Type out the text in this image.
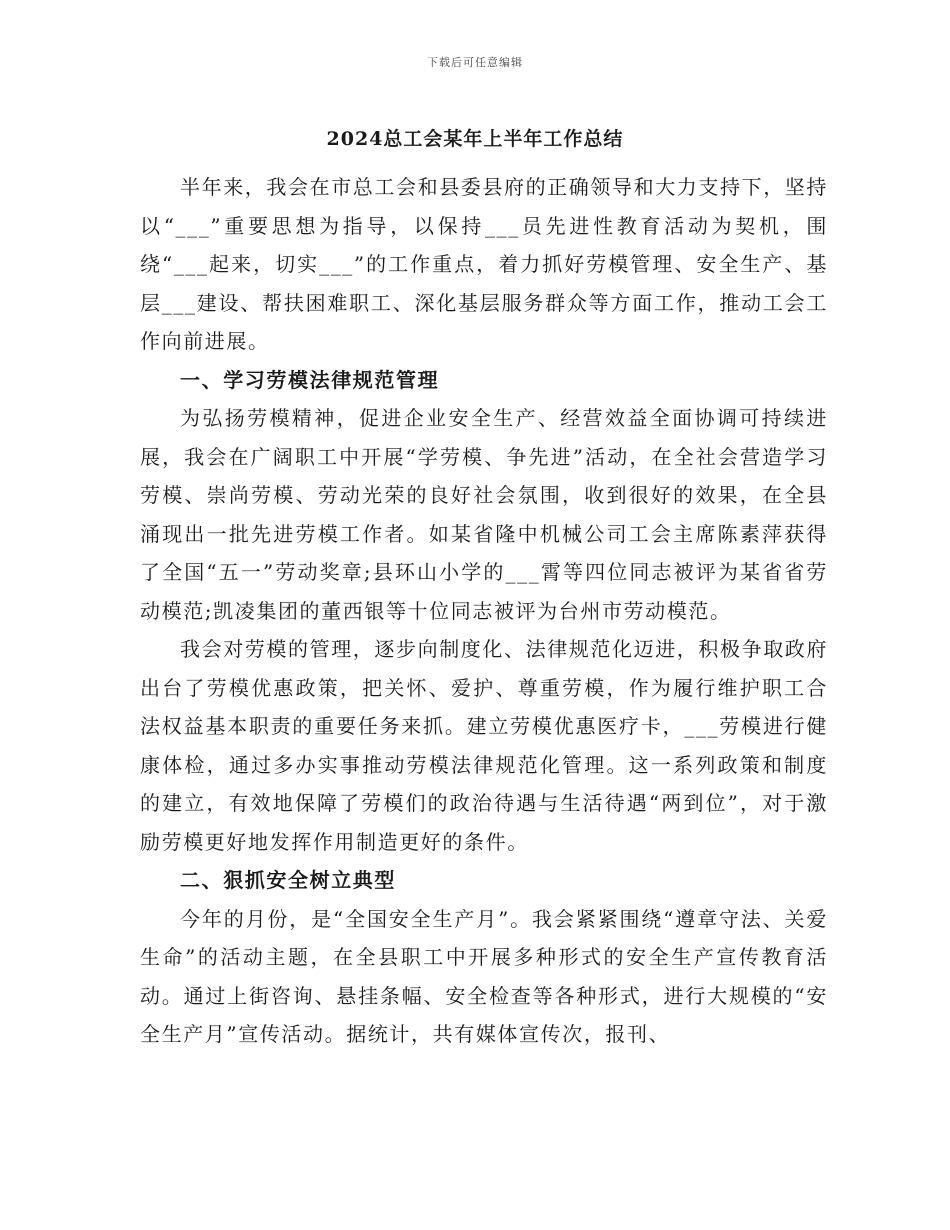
下载后可任意编辑
2024总工会某年上半年工作总结

半年来，我会在市总工会和县委县府的正确领导和大力支持下，坚持以“___”重要思想为指导，以保持___员先进性教育活动为契机，围绕“___起来，切实___”的工作重点，着力抓好劳模管理、安全生产、基层___建设、帮扶困难职工、深化基层服务群众等方面工作，推动工会工作向前进展。

一、学习劳模法律规范管理

为弘扬劳模精神，促进企业安全生产、经营效益全面协调可持续进展，我会在广阔职工中开展“学劳模、争先进”活动，在全社会营造学习劳模、崇尚劳模、劳动光荣的良好社会氛围，收到很好的效果，在全县涌现出一批先进劳模工作者。如某省隆中机械公司工会主席陈素萍获得了全国“五一”劳动奖章;县环山小学的___霄等四位同志被评为某省省劳动模范;凯凌集团的董西银等十位同志被评为台州市劳动模范。

我会对劳模的管理，逐步向制度化、法律规范化迈进，积极争取政府出台了劳模优惠政策，把关怀、爱护、尊重劳模，作为履行维护职工合法权益基本职责的重要任务来抓。建立劳模优惠医疗卡，___劳模进行健康体检，通过多办实事推动劳模法律规范化管理。这一系列政策和制度的建立，有效地保障了劳模们的政治待遇与生活待遇“两到位”，对于激励劳模更好地发挥作用制造更好的条件。

二、狠抓安全树立典型

今年的月份，是“全国安全生产月”。我会紧紧围绕“遵章守法、关爱生命”的活动主题，在全县职工中开展多种形式的安全生产宣传教育活动。通过上街咨询、悬挂条幅、安全检查等各种形式，进行大规模的“安全生产月”宣传活动。据统计，共有媒体宣传次，报刊、
